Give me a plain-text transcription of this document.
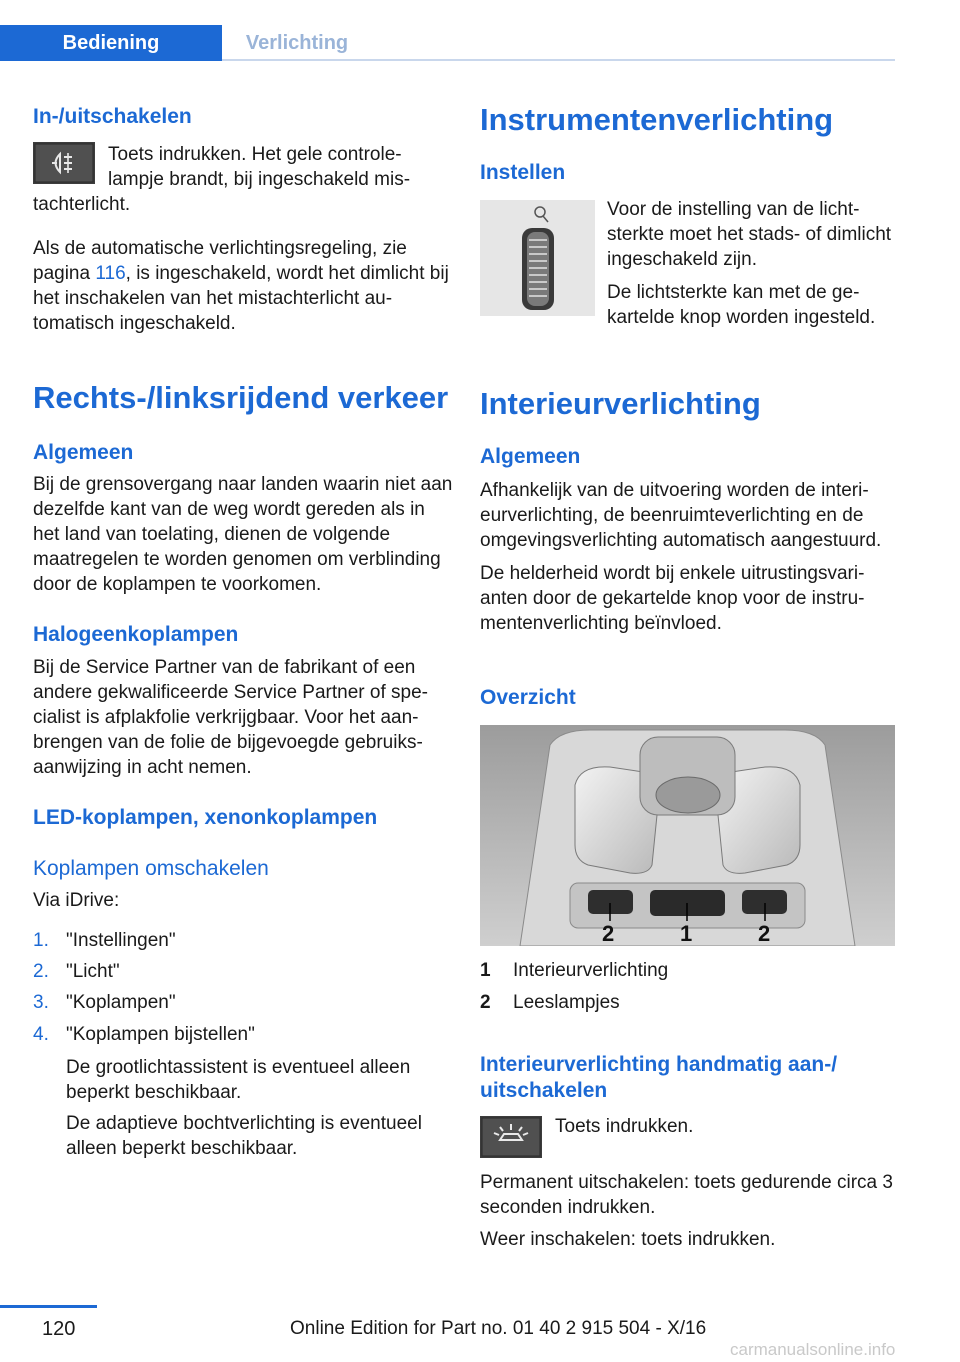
Bediening	Verlichting
In-/uitschakelen
Toets indrukken. Het gele controle-
lampje brandt, bij ingeschakeld mis-
tachterlicht.
Als de automatische verlichtingsregeling, zie pagina 116, is ingeschakeld, wordt het dimlicht bij het inschakelen van het mistachterlicht automatisch ingeschakeld.
Rechts-/linksrijdend verkeer
Algemeen
Bij de grensovergang naar landen waarin niet aan dezelfde kant van de weg wordt gereden als in het land van toelating, dienen de volgende maatregelen te worden genomen om verblinding door de koplampen te voorkomen.
Halogeenkoplampen
Bij de Service Partner van de fabrikant of een andere gekwalificeerde Service Partner of specialist is afplakfolie verkrijgbaar. Voor het aanbrengen van de folie de bijgevoegde gebruiksaanwijzing in acht nemen.
LED-koplampen, xenonkoplampen
Koplampen omschakelen
Via iDrive:
1. "Instellingen"
2. "Licht"
3. "Koplampen"
4. "Koplampen bijstellen"
De grootlichtassistent is eventueel alleen beperkt beschikbaar.
De adaptieve bochtverlichting is eventueel alleen beperkt beschikbaar.
Instrumentenverlichting
Instellen

Voor de instelling van de lichtsterkte moet het stads- of dimlicht ingeschakeld zijn.

De lichtsterkte kan met de gekartelde knop worden ingesteld.

Interieurverlichting
Algemeen

Afhankelijk van de uitvoering worden de interieurverlichting, de beenruimteverlichting en de omgevingsverlichting automatisch aangestuurd.

De helderheid wordt bij enkele uitrustingsvarianten door de gekartelde knop voor de instrumentenverlichting beïnvloed.

Overzicht
2	1	2
1 Interieurverlichting
2 Leeslampjes
Interieurverlichting handmatig aan-/ uitschakelen
Toets indrukken.
Permanent uitschakelen: toets gedurende circa 3 seconden indrukken.
Weer inschakelen: toets indrukken.
120	Online Edition for Part no. 01 40 2 915 504 - X/16
carmanualsonline.info
